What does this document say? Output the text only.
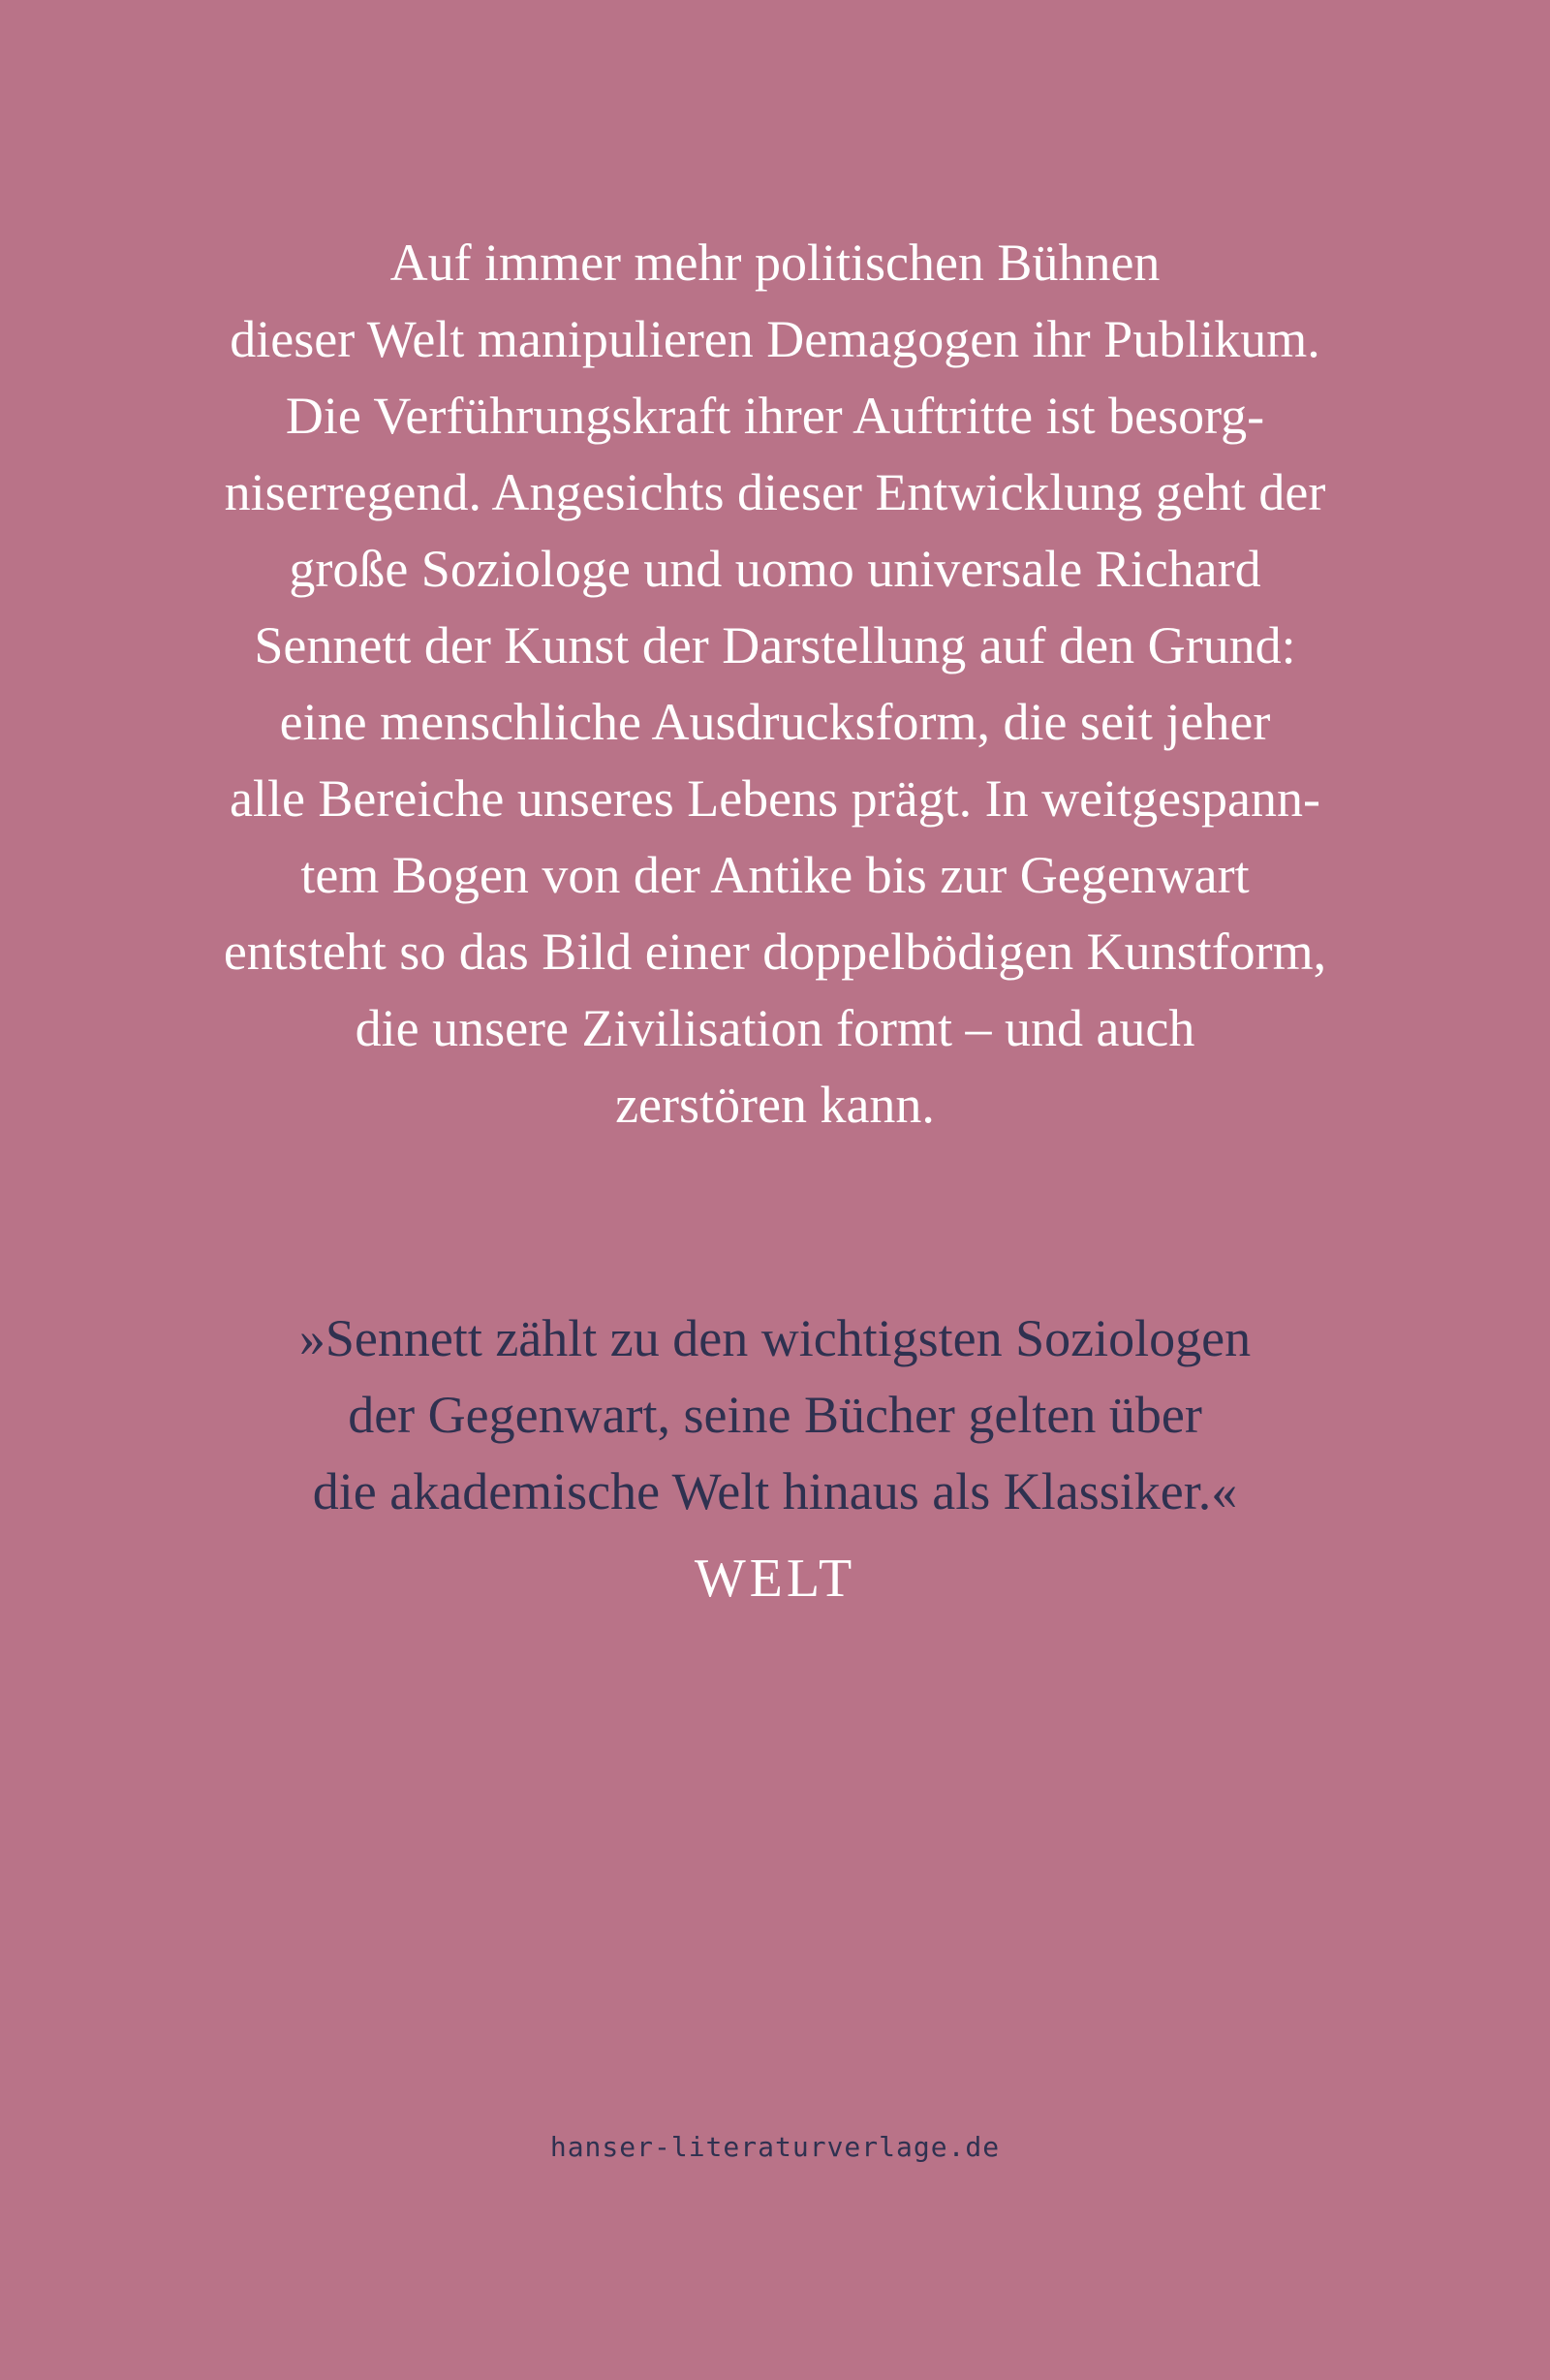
Auf immer mehr politischen Bühnen
dieser Welt manipulieren Demagogen ihr Publikum.
Die Verführungskraft ihrer Auftritte ist besorg-
niserregend. Angesichts dieser Entwicklung geht der
große Soziologe und uomo universale Richard
Sennett der Kunst der Darstellung auf den Grund:
eine menschliche Ausdrucksform, die seit jeher
alle Bereiche unseres Lebens prägt. In weitgespann-
tem Bogen von der Antike bis zur Gegenwart
entsteht so das Bild einer doppelbödigen Kunstform,
die unsere Zivilisation formt – und auch
zerstören kann.
»Sennett zählt zu den wichtigsten Soziologen
der Gegenwart, seine Bücher gelten über
die akademische Welt hinaus als Klassiker.«
WELT
hanser-literaturverlage.de
